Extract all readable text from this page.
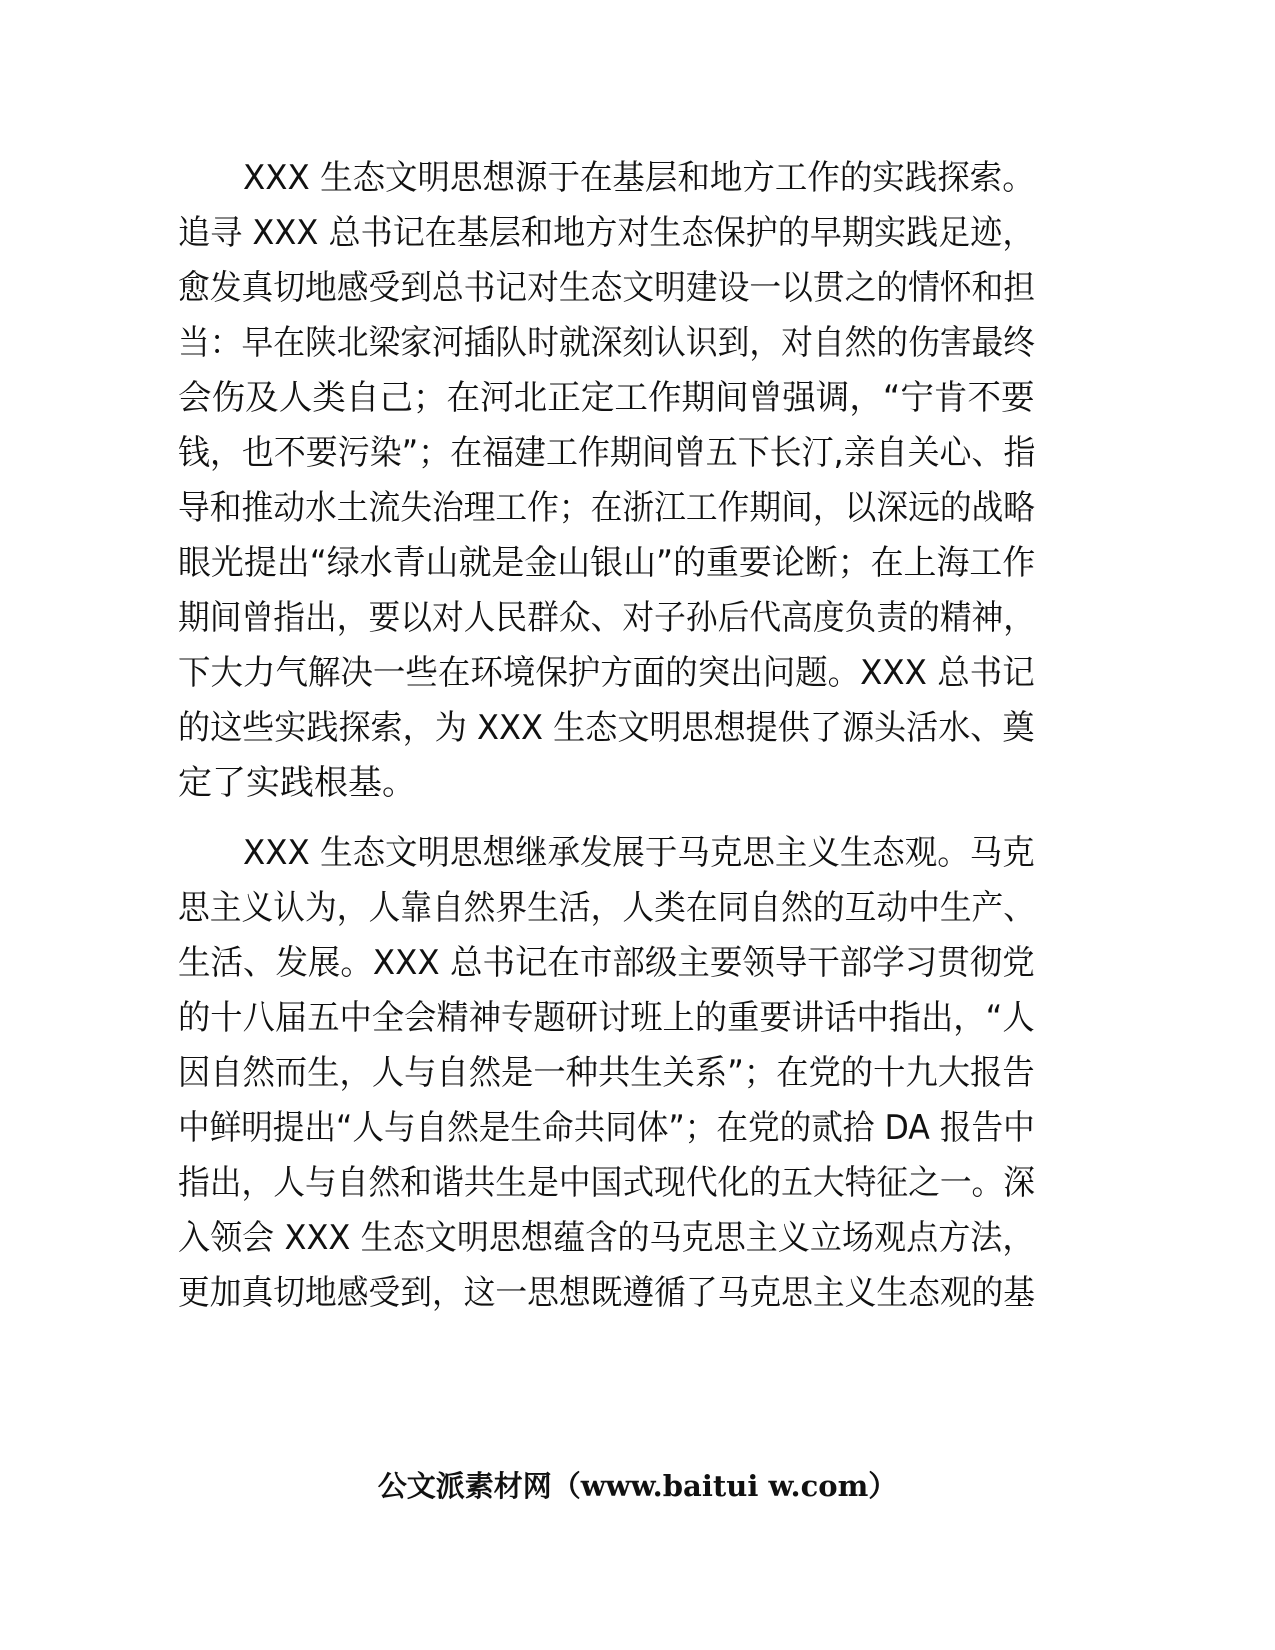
XXX 生态文明思想源于在基层和地方工作的实践探索。
追寻 XXX 总书记在基层和地方对生态保护的早期实践足迹，
愈发真切地感受到总书记对生态文明建设一以贯之的情怀和担
当：早在陕北梁家河插队时就深刻认识到，对自然的伤害最终
会伤及人类自己；在河北正定工作期间曾强调，“宁肯不要
钱，也不要污染”；在福建工作期间曾五下长汀,亲自关心、指
导和推动水土流失治理工作；在浙江工作期间，以深远的战略
眼光提出“绿水青山就是金山银山”的重要论断；在上海工作
期间曾指出，要以对人民群众、对子孙后代高度负责的精神，
下大力气解决一些在环境保护方面的突出问题。XXX 总书记
的这些实践探索，为 XXX 生态文明思想提供了源头活水、奠
定了实践根基。
XXX 生态文明思想继承发展于马克思主义生态观。马克
思主义认为，人靠自然界生活，人类在同自然的互动中生产、
生活、发展。XXX 总书记在市部级主要领导干部学习贯彻党
的十八届五中全会精神专题研讨班上的重要讲话中指出，“人
因自然而生，人与自然是一种共生关系”；在党的十九大报告
中鲜明提出“人与自然是生命共同体”；在党的贰拾 DA 报告中
指出，人与自然和谐共生是中国式现代化的五大特征之一。深
入领会 XXX 生态文明思想蕴含的马克思主义立场观点方法，
更加真切地感受到，这一思想既遵循了马克思主义生态观的基
公文派素材网（www.baitui w.com）
